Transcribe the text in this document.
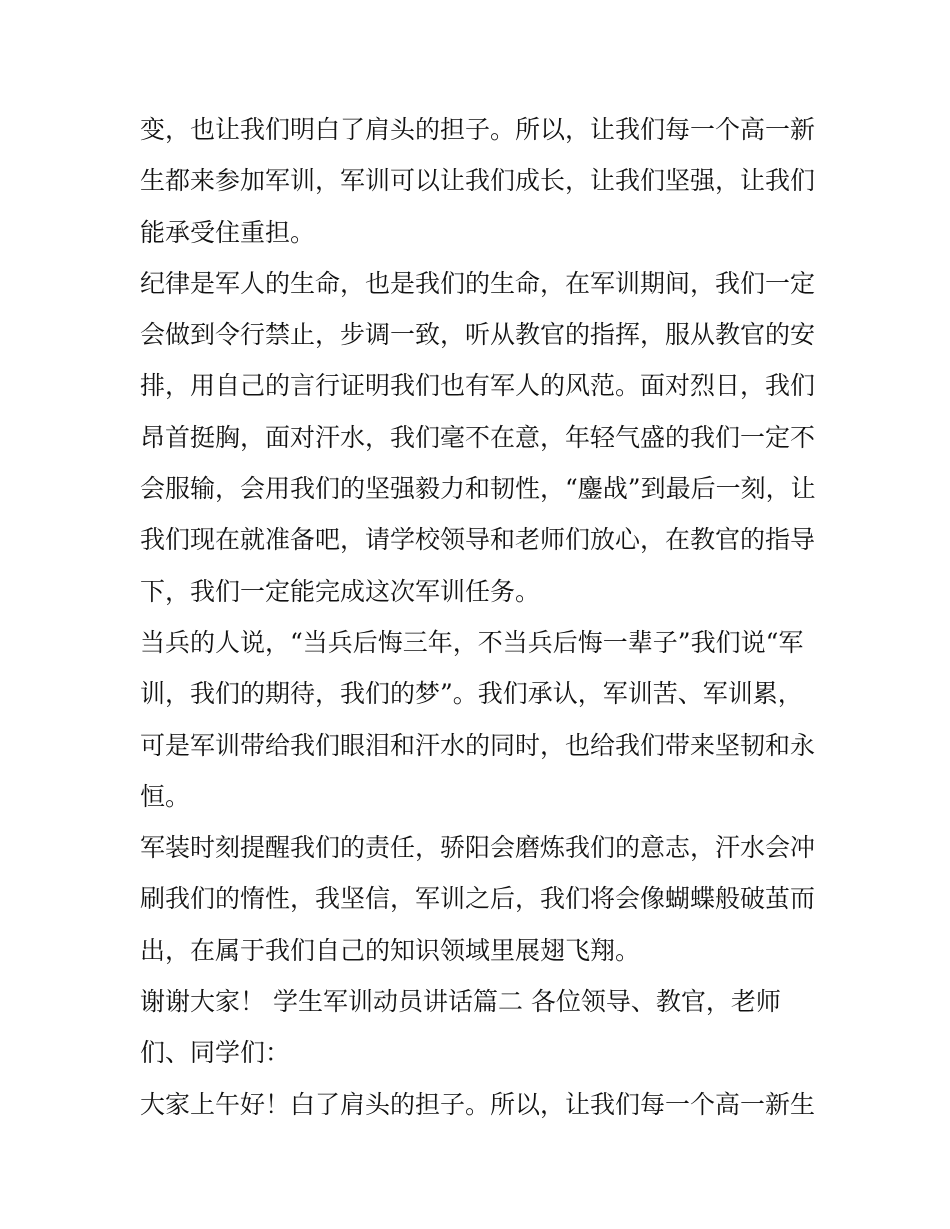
变，也让我们明白了肩头的担子。所以，让我们每一个高一新
生都来参加军训，军训可以让我们成长，让我们坚强，让我们
能承受住重担。
纪律是军人的生命，也是我们的生命，在军训期间，我们一定
会做到令行禁止，步调一致，听从教官的指挥，服从教官的安
排，用自己的言行证明我们也有军人的风范。面对烈日，我们
昂首挺胸，面对汗水，我们毫不在意，年轻气盛的我们一定不
会服输，会用我们的坚强毅力和韧性，“鏖战”到最后一刻，让
我们现在就准备吧，请学校领导和老师们放心，在教官的指导
下，我们一定能完成这次军训任务。
当兵的人说，“当兵后悔三年，不当兵后悔一辈子”我们说“军
训，我们的期待，我们的梦”。我们承认，军训苦、军训累，
可是军训带给我们眼泪和汗水的同时，也给我们带来坚韧和永
恒。
军装时刻提醒我们的责任，骄阳会磨炼我们的意志，汗水会冲
刷我们的惰性，我坚信，军训之后，我们将会像蝴蝶般破茧而
出，在属于我们自己的知识领域里展翅飞翔。
谢谢大家！ 学生军训动员讲话篇二 各位领导、教官，老师
们、同学们：
大家上午好！白了肩头的担子。所以，让我们每一个高一新生
